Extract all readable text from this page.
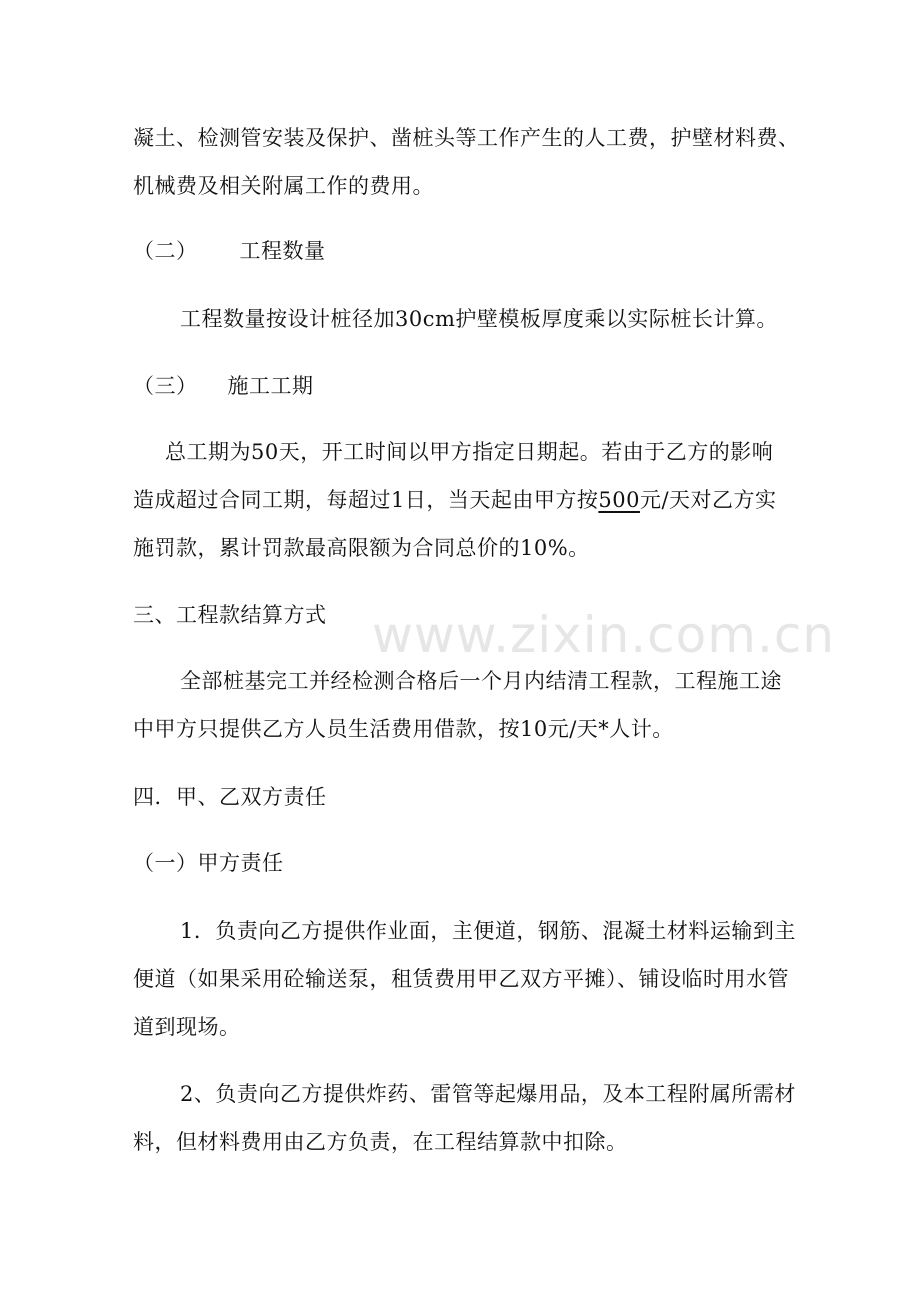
凝土、检测管安装及保护、凿桩头等工作产生的人工费，护壁材料费、
机械费及相关附属工作的费用。
（二） 工程数量
工程数量按设计桩径加30cm护壁模板厚度乘以实际桩长计算。
（三） 施工工期
总工期为50天，开工时间以甲方指定日期起。若由于乙方的影响
造成超过合同工期，每超过1日，当天起由甲方按500元/天对乙方实
施罚款，累计罚款最高限额为合同总价的10%。
三、工程款结算方式
全部桩基完工并经检测合格后一个月内结清工程款，工程施工途
中甲方只提供乙方人员生活费用借款，按10元/天*人计。
四．甲、乙双方责任
（一）甲方责任
1．负责向乙方提供作业面，主便道，钢筋、混凝土材料运输到主
便道（如果采用砼输送泵，租赁费用甲乙双方平摊）、铺设临时用水管
道到现场。
2、负责向乙方提供炸药、雷管等起爆用品，及本工程附属所需材
料，但材料费用由乙方负责，在工程结算款中扣除。
www.zixin.com.cn
